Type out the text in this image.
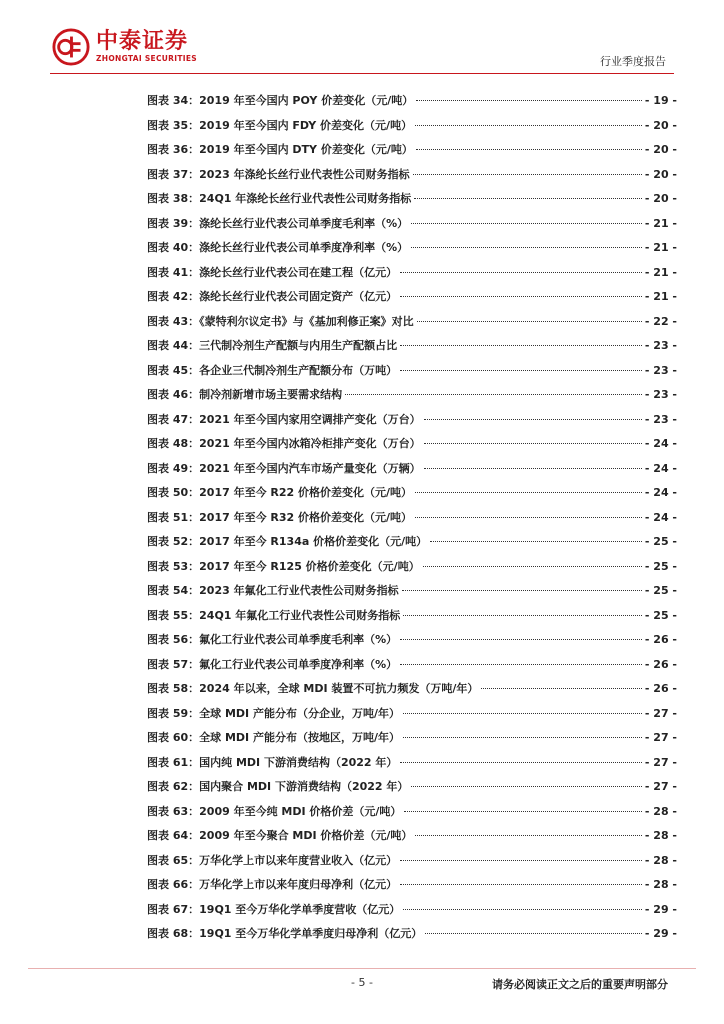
中泰证券
ZHONGTAI SECURITIES	行业季度报告
图表 34：2019 年至今国内 POY 价差变化（元/吨）	- 19 -
图表 35：2019 年至今国内 FDY 价差变化（元/吨）	- 20 -
图表 36：2019 年至今国内 DTY 价差变化（元/吨）	- 20 -
图表 37：2023 年涤纶长丝行业代表性公司财务指标	- 20 -
图表 38：24Q1 年涤纶长丝行业代表性公司财务指标	- 20 -
图表 39：涤纶长丝行业代表公司单季度毛利率（%）	- 21 -
图表 40：涤纶长丝行业代表公司单季度净利率（%）	- 21 -
图表 41：涤纶长丝行业代表公司在建工程（亿元）	- 21 -
图表 42：涤纶长丝行业代表公司固定资产（亿元）	- 21 -
图表 43：《蒙特利尔议定书》与《基加利修正案》对比	- 22 -
图表 44：三代制冷剂生产配额与内用生产配额占比	- 23 -
图表 45：各企业三代制冷剂生产配额分布（万吨）	- 23 -
图表 46：制冷剂新增市场主要需求结构	- 23 -
图表 47：2021 年至今国内家用空调排产变化（万台）	- 23 -
图表 48：2021 年至今国内冰箱冷柜排产变化（万台）	- 24 -
图表 49：2021 年至今国内汽车市场产量变化（万辆）	- 24 -
图表 50：2017 年至今 R22 价格价差变化（元/吨）	- 24 -
图表 51：2017 年至今 R32 价格价差变化（元/吨）	- 24 -
图表 52：2017 年至今 R134a 价格价差变化（元/吨）	- 25 -
图表 53：2017 年至今 R125 价格价差变化（元/吨）	- 25 -
图表 54：2023 年氟化工行业代表性公司财务指标	- 25 -
图表 55：24Q1 年氟化工行业代表性公司财务指标	- 25 -
图表 56：氟化工行业代表公司单季度毛利率（%）	- 26 -
图表 57：氟化工行业代表公司单季度净利率（%）	- 26 -
图表 58：2024 年以来，全球 MDI 装置不可抗力频发（万吨/年）	- 26 -
图表 59：全球 MDI 产能分布（分企业，万吨/年）	- 27 -
图表 60：全球 MDI 产能分布（按地区，万吨/年）	- 27 -
图表 61：国内纯 MDI 下游消费结构（2022 年）	- 27 -
图表 62：国内聚合 MDI 下游消费结构（2022 年）	- 27 -
图表 63：2009 年至今纯 MDI 价格价差（元/吨）	- 28 -
图表 64：2009 年至今聚合 MDI 价格价差（元/吨）	- 28 -
图表 65：万华化学上市以来年度营业收入（亿元）	- 28 -
图表 66：万华化学上市以来年度归母净利（亿元）	- 28 -
图表 67：19Q1 至今万华化学单季度营收（亿元）	- 29 -
图表 68：19Q1 至今万华化学单季度归母净利（亿元）	- 29 -
- 5 -	请务必阅读正文之后的重要声明部分
